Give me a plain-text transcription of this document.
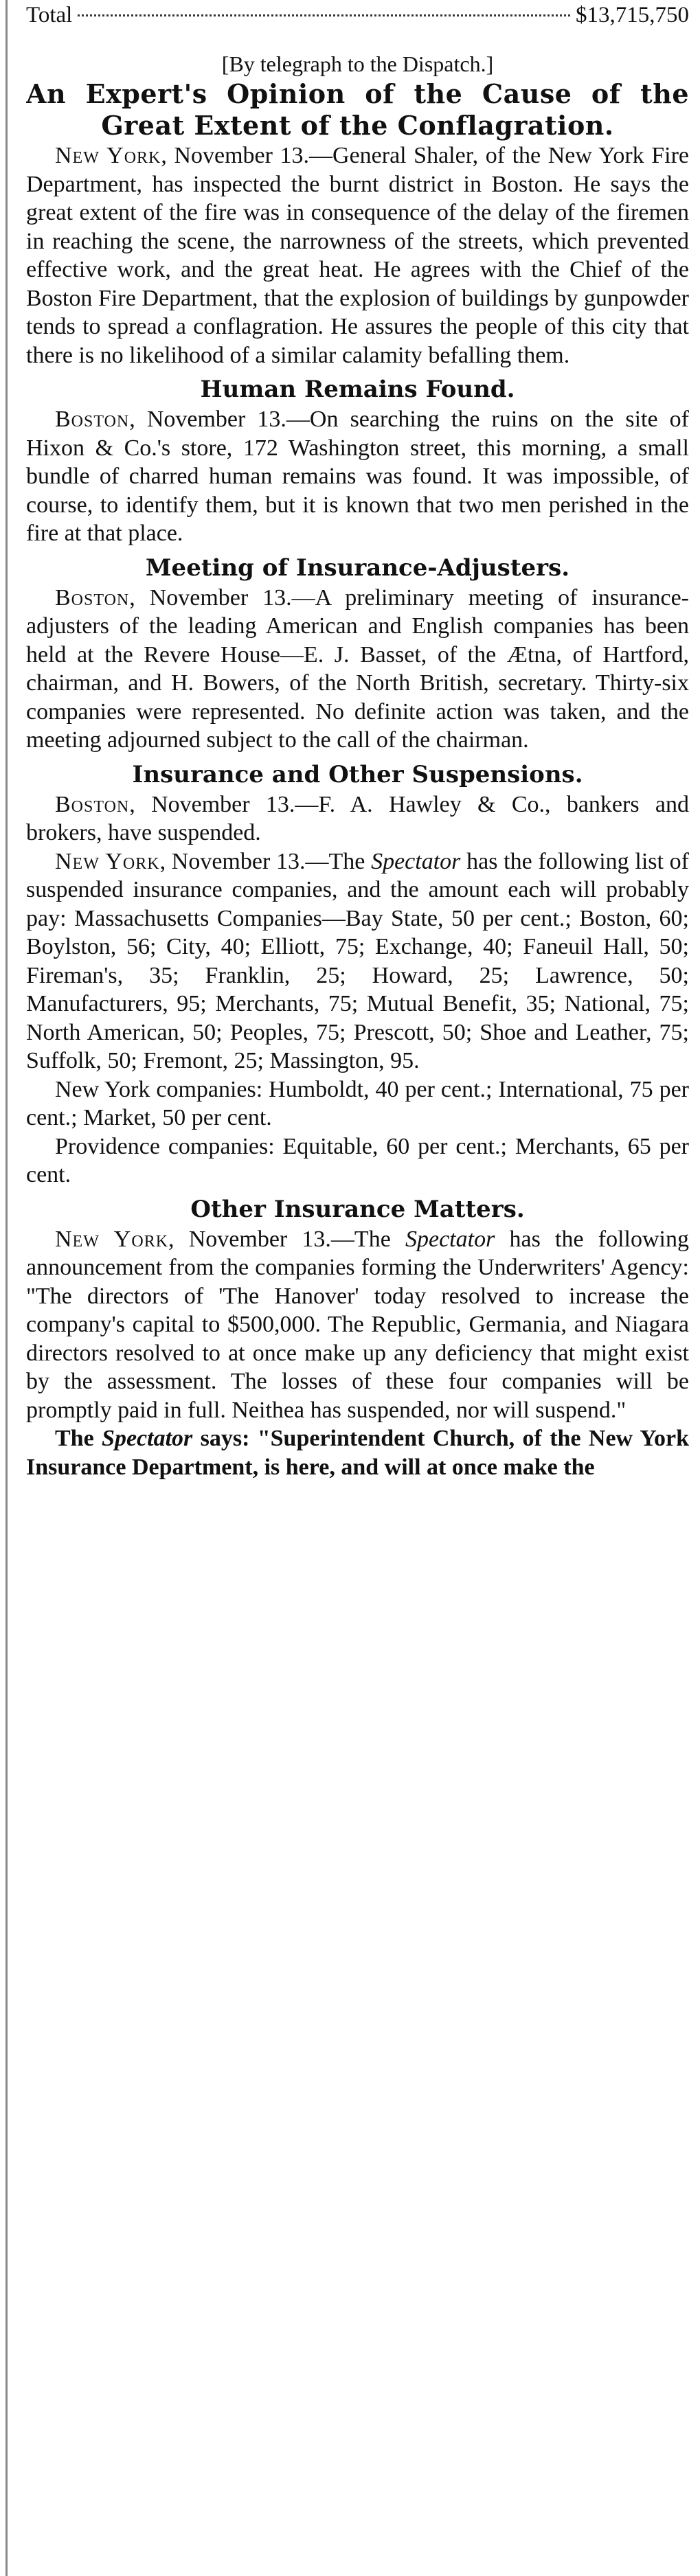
Total	$13,715,750
[By telegraph to the Dispatch.]
An Expert's Opinion of the Cause of the Great Extent of the Conflagration.

New York, November 13.—General Shaler, of the New York Fire Department, has inspected the burnt district in Boston. He says the great extent of the fire was in consequence of the delay of the firemen in reaching the scene, the narrowness of the streets, which prevented effective work, and the great heat. He agrees with the Chief of the Boston Fire Department, that the explosion of buildings by gunpowder tends to spread a conflagration. He assures the people of this city that there is no likelihood of a similar calamity befalling them.

Human Remains Found.

Boston, November 13.—On searching the ruins on the site of Hixon & Co.'s store, 172 Washington street, this morning, a small bundle of charred human remains was found. It was impossible, of course, to identify them, but it is known that two men perished in the fire at that place.

Meeting of Insurance-Adjusters.

Boston, November 13.—A preliminary meeting of insurance-adjusters of the leading American and English companies has been held at the Revere House—E. J. Basset, of the Ætna, of Hartford, chairman, and H. Bowers, of the North British, secretary. Thirty-six companies were represented. No definite action was taken, and the meeting adjourned subject to the call of the chairman.

Insurance and Other Suspensions.

Boston, November 13.—F. A. Hawley & Co., bankers and brokers, have suspended.

New York, November 13.—The Spectator has the following list of suspended insurance companies, and the amount each will probably pay: Massachusetts Companies—Bay State, 50 per cent.; Boston, 60; Boylston, 56; City, 40; Elliott, 75; Exchange, 40; Faneuil Hall, 50; Fireman's, 35; Franklin, 25; Howard, 25; Lawrence, 50; Manufacturers, 95; Merchants, 75; Mutual Benefit, 35; National, 75; North American, 50; Peoples, 75; Prescott, 50; Shoe and Leather, 75; Suffolk, 50; Fremont, 25; Massington, 95.

New York companies: Humboldt, 40 per cent.; International, 75 per cent.; Market, 50 per cent.

Providence companies: Equitable, 60 per cent.; Merchants, 65 per cent.

Other Insurance Matters.

New York, November 13.—The Spectator has the following announcement from the companies forming the Underwriters' Agency: "The directors of 'The Hanover' today resolved to increase the company's capital to $500,000. The Republic, Germania, and Niagara directors resolved to at once make up any deficiency that might exist by the assessment. The losses of these four companies will be promptly paid in full. Neithea has suspended, nor will suspend."

The Spectator says: "Superintendent Church, of the New York Insurance Department, is here, and will at once make the
